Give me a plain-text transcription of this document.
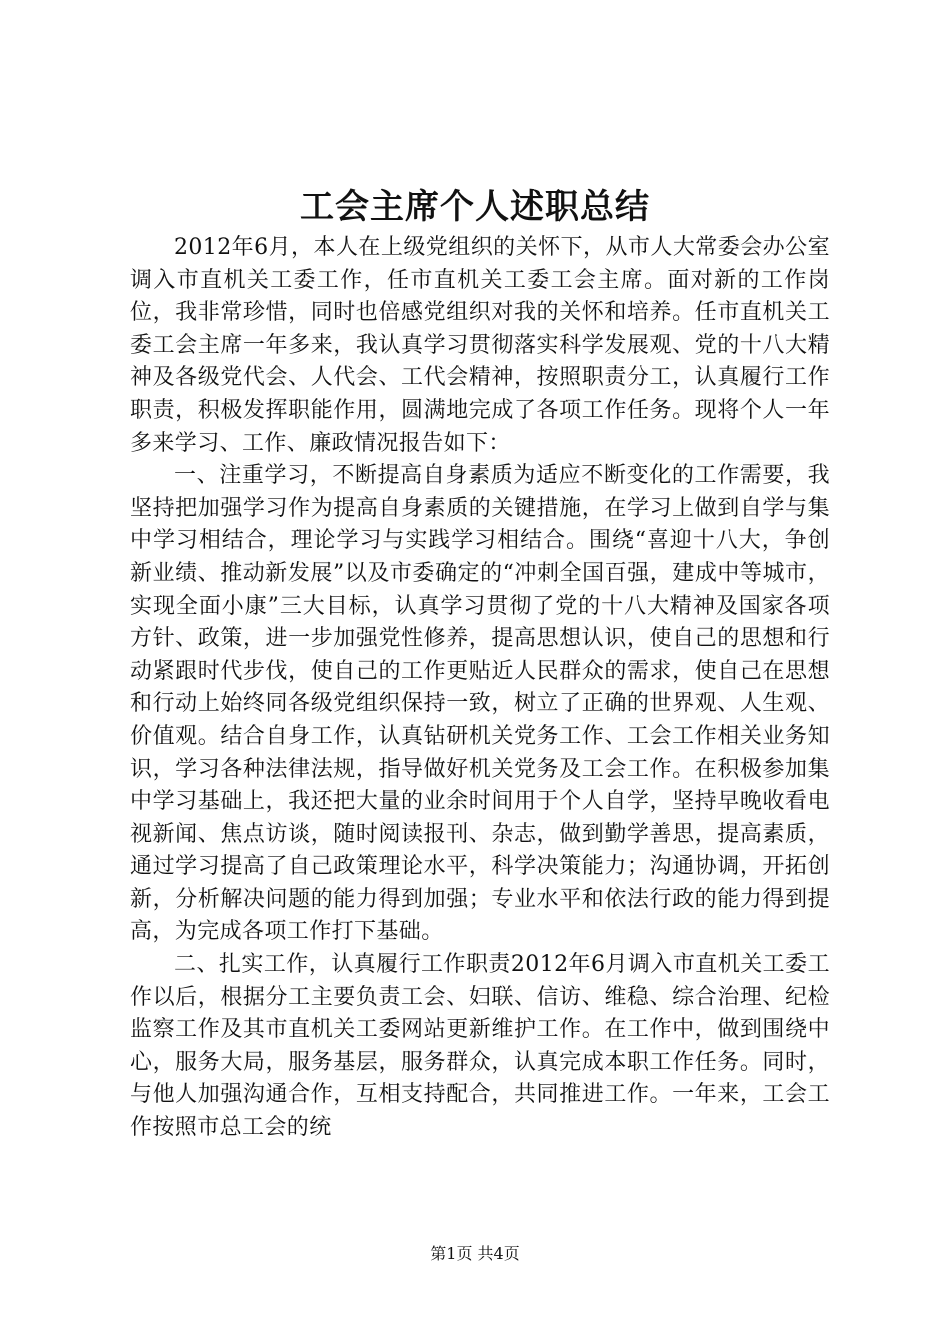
工会主席个人述职总结

2012年6月，本人在上级党组织的关怀下，从市人大常委会办公室调入市直机关工委工作，任市直机关工委工会主席。面对新的工作岗位，我非常珍惜，同时也倍感党组织对我的关怀和培养。任市直机关工委工会主席一年多来，我认真学习贯彻落实科学发展观、党的十八大精神及各级党代会、人代会、工代会精神，按照职责分工，认真履行工作职责，积极发挥职能作用，圆满地完成了各项工作任务。现将个人一年多来学习、工作、廉政情况报告如下：

一、注重学习，不断提高自身素质为适应不断变化的工作需要，我坚持把加强学习作为提高自身素质的关键措施，在学习上做到自学与集中学习相结合，理论学习与实践学习相结合。围绕“喜迎十八大，争创新业绩、推动新发展”以及市委确定的“冲刺全国百强，建成中等城市，实现全面小康”三大目标，认真学习贯彻了党的十八大精神及国家各项方针、政策，进一步加强党性修养，提高思想认识，使自己的思想和行动紧跟时代步伐，使自己的工作更贴近人民群众的需求，使自己在思想和行动上始终同各级党组织保持一致，树立了正确的世界观、人生观、价值观。结合自身工作，认真钻研机关党务工作、工会工作相关业务知识，学习各种法律法规，指导做好机关党务及工会工作。在积极参加集中学习基础上，我还把大量的业余时间用于个人自学，坚持早晚收看电视新闻、焦点访谈，随时阅读报刊、杂志，做到勤学善思，提高素质，通过学习提高了自己政策理论水平，科学决策能力；沟通协调，开拓创新，分析解决问题的能力得到加强；专业水平和依法行政的能力得到提高，为完成各项工作打下基础。

二、扎实工作，认真履行工作职责2012年6月调入市直机关工委工作以后，根据分工主要负责工会、妇联、信访、维稳、综合治理、纪检监察工作及其市直机关工委网站更新维护工作。在工作中，做到围绕中心，服务大局，服务基层，服务群众，认真完成本职工作任务。同时，与他人加强沟通合作，互相支持配合，共同推进工作。一年来，工会工作按照市总工会的统

第1页 共4页
